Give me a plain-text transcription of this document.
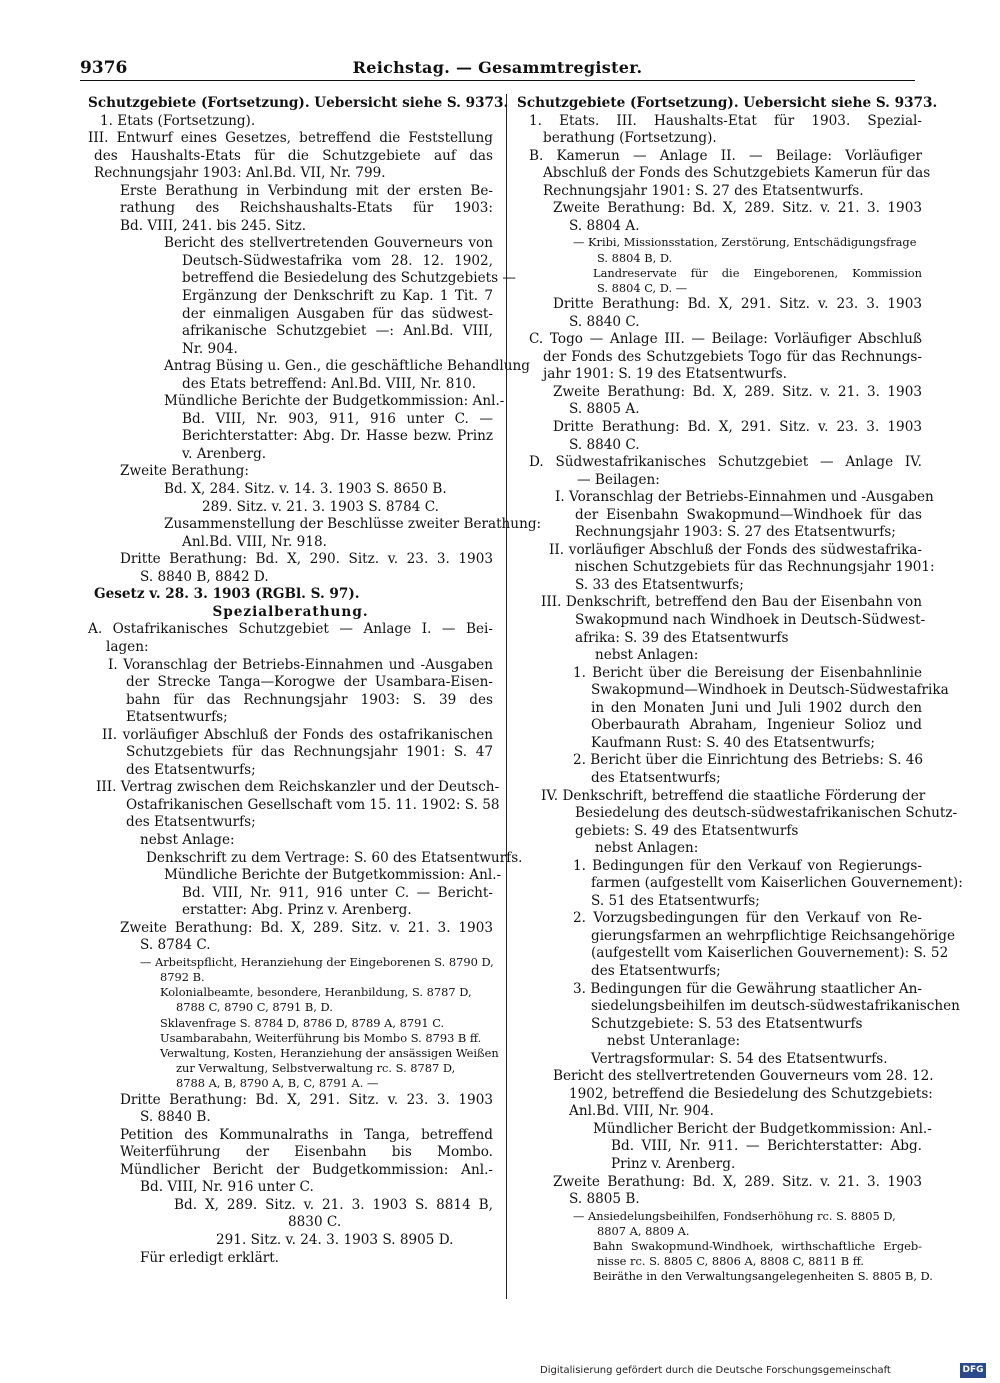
9376	Reichstag. — Gesammtregister.
Schutzgebiete (Fortsetzung). Uebersicht siehe S. 9373.
1. Etats (Fortsetzung).
III. Entwurf eines Gesetzes, betreffend die Feststellung
des Haushalts-Etats für die Schutzgebiete auf das
Rechnungsjahr 1903: Anl.Bd. VII, Nr. 799.
Erste Berathung in Verbindung mit der ersten Be-
rathung des Reichshaushalts-Etats für 1903:
Bd. VIII, 241. bis 245. Sitz.
Bericht des stellvertretenden Gouverneurs von
Deutsch-Südwestafrika vom 28. 12. 1902,
betreffend die Besiedelung des Schutzgebiets —
Ergänzung der Denkschrift zu Kap. 1 Tit. 7
der einmaligen Ausgaben für das südwest-
afrikanische Schutzgebiet —: Anl.Bd. VIII,
Nr. 904.
Antrag Büsing u. Gen., die geschäftliche Behandlung
des Etats betreffend: Anl.Bd. VIII, Nr. 810.
Mündliche Berichte der Budgetkommission: Anl.-
Bd. VIII, Nr. 903, 911, 916 unter C. —
Berichterstatter: Abg. Dr. Hasse bezw. Prinz
v. Arenberg.
Zweite Berathung:
Bd. X, 284. Sitz. v. 14. 3. 1903 S. 8650 B.
289. Sitz. v. 21. 3. 1903 S. 8784 C.
Zusammenstellung der Beschlüsse zweiter Berathung:
Anl.Bd. VIII, Nr. 918.
Dritte Berathung: Bd. X, 290. Sitz. v. 23. 3. 1903
S. 8840 B, 8842 D.
Gesetz v. 28. 3. 1903 (RGBl. S. 97).
Spezialberathung.
A. Ostafrikanisches Schutzgebiet — Anlage I. — Bei-
lagen:
I. Voranschlag der Betriebs-Einnahmen und -Ausgaben
der Strecke Tanga—Korogwe der Usambara-Eisen-
bahn für das Rechnungsjahr 1903: S. 39 des
Etatsentwurfs;
II. vorläufiger Abschluß der Fonds des ostafrikanischen
Schutzgebiets für das Rechnungsjahr 1901: S. 47
des Etatsentwurfs;
III. Vertrag zwischen dem Reichskanzler und der Deutsch-
Ostafrikanischen Gesellschaft vom 15. 11. 1902: S. 58
des Etatsentwurfs;
nebst Anlage:
Denkschrift zu dem Vertrage: S. 60 des Etatsentwurfs.
Mündliche Berichte der Butgetkommission: Anl.-
Bd. VIII, Nr. 911, 916 unter C. — Bericht-
erstatter: Abg. Prinz v. Arenberg.
Zweite Berathung: Bd. X, 289. Sitz. v. 21. 3. 1903
S. 8784 C.
— Arbeitspflicht, Heranziehung der Eingeborenen S. 8790 D,
8792 B.
Kolonialbeamte, besondere, Heranbildung, S. 8787 D,
8788 C, 8790 C, 8791 B, D.
Sklavenfrage S. 8784 D, 8786 D, 8789 A, 8791 C.
Usambarabahn, Weiterführung bis Mombo S. 8793 B ff.
Verwaltung, Kosten, Heranziehung der ansässigen Weißen
zur Verwaltung, Selbstverwaltung rc. S. 8787 D,
8788 A, B, 8790 A, B, C, 8791 A. —
Dritte Berathung: Bd. X, 291. Sitz. v. 23. 3. 1903
S. 8840 B.
Petition des Kommunalraths in Tanga, betreffend
Weiterführung der Eisenbahn bis Mombo.
Mündlicher Bericht der Budgetkommission: Anl.-
Bd. VIII, Nr. 916 unter C.
Bd. X, 289. Sitz. v. 21. 3. 1903 S. 8814 B,
8830 C.
291. Sitz. v. 24. 3. 1903 S. 8905 D.
Für erledigt erklärt.
Schutzgebiete (Fortsetzung). Uebersicht siehe S. 9373.
1. Etats. III. Haushalts-Etat für 1903. Spezial-
berathung (Fortsetzung).
B. Kamerun — Anlage II. — Beilage: Vorläufiger
Abschluß der Fonds des Schutzgebiets Kamerun für das
Rechnungsjahr 1901: S. 27 des Etatsentwurfs.
Zweite Berathung: Bd. X, 289. Sitz. v. 21. 3. 1903
S. 8804 A.
— Kribi, Missionsstation, Zerstörung, Entschädigungsfrage
S. 8804 B, D.
Landreservate für die Eingeborenen, Kommission
S. 8804 C, D. —
Dritte Berathung: Bd. X, 291. Sitz. v. 23. 3. 1903
S. 8840 C.
C. Togo — Anlage III. — Beilage: Vorläufiger Abschluß
der Fonds des Schutzgebiets Togo für das Rechnungs-
jahr 1901: S. 19 des Etatsentwurfs.
Zweite Berathung: Bd. X, 289. Sitz. v. 21. 3. 1903
S. 8805 A.
Dritte Berathung: Bd. X, 291. Sitz. v. 23. 3. 1903
S. 8840 C.
D. Südwestafrikanisches Schutzgebiet — Anlage IV.
— Beilagen:
I. Voranschlag der Betriebs-Einnahmen und -Ausgaben
der Eisenbahn Swakopmund—Windhoek für das
Rechnungsjahr 1903: S. 27 des Etatsentwurfs;
II. vorläufiger Abschluß der Fonds des südwestafrika-
nischen Schutzgebiets für das Rechnungsjahr 1901:
S. 33 des Etatsentwurfs;
III. Denkschrift, betreffend den Bau der Eisenbahn von
Swakopmund nach Windhoek in Deutsch-Südwest-
afrika: S. 39 des Etatsentwurfs
nebst Anlagen:
1. Bericht über die Bereisung der Eisenbahnlinie
Swakopmund—Windhoek in Deutsch-Südwestafrika
in den Monaten Juni und Juli 1902 durch den
Oberbaurath Abraham, Ingenieur Solioz und
Kaufmann Rust: S. 40 des Etatsentwurfs;
2. Bericht über die Einrichtung des Betriebs: S. 46
des Etatsentwurfs;
IV. Denkschrift, betreffend die staatliche Förderung der
Besiedelung des deutsch-südwestafrikanischen Schutz-
gebiets: S. 49 des Etatsentwurfs
nebst Anlagen:
1. Bedingungen für den Verkauf von Regierungs-
farmen (aufgestellt vom Kaiserlichen Gouvernement):
S. 51 des Etatsentwurfs;
2. Vorzugsbedingungen für den Verkauf von Re-
gierungsfarmen an wehrpflichtige Reichsangehörige
(aufgestellt vom Kaiserlichen Gouvernement): S. 52
des Etatsentwurfs;
3. Bedingungen für die Gewährung staatlicher An-
siedelungsbeihilfen im deutsch-südwestafrikanischen
Schutzgebiete: S. 53 des Etatsentwurfs
nebst Unteranlage:
Vertragsformular: S. 54 des Etatsentwurfs.
Bericht des stellvertretenden Gouverneurs vom 28. 12.
1902, betreffend die Besiedelung des Schutzgebiets:
Anl.Bd. VIII, Nr. 904.
Mündlicher Bericht der Budgetkommission: Anl.-
Bd. VIII, Nr. 911. — Berichterstatter: Abg.
Prinz v. Arenberg.
Zweite Berathung: Bd. X, 289. Sitz. v. 21. 3. 1903
S. 8805 B.
— Ansiedelungsbeihilfen, Fondserhöhung rc. S. 8805 D,
8807 A, 8809 A.
Bahn Swakopmund-Windhoek, wirthschaftliche Ergeb-
nisse rc. S. 8805 C, 8806 A, 8808 C, 8811 B ff.
Beiräthe in den Verwaltungsangelegenheiten S. 8805 B, D.
Digitalisierung gefördert durch die Deutsche Forschungsgemeinschaft	DFG
